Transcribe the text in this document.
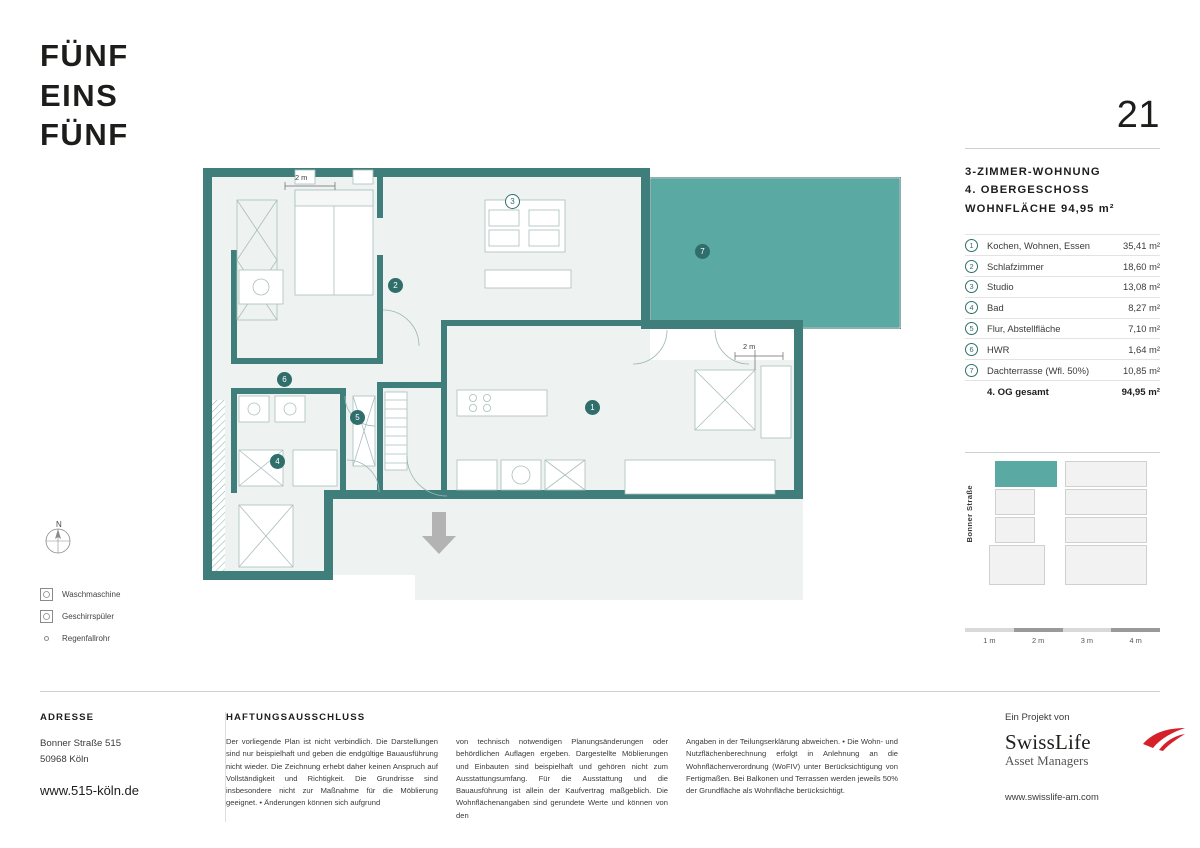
FÜNF
EINS
FÜNF
N
Waschmaschine
Geschirrspüler
Regenfallrohr
2
3
7
6
5
4
1
2 m
2 m
21
3-ZIMMER-WOHNUNG
4. OBERGESCHOSS
WOHNFLÄCHE 94,95 m²
1	Kochen, Wohnen, Essen	35,41 m²
2	Schlafzimmer	18,60 m²
3	Studio	13,08 m²
4	Bad	8,27 m²
5	Flur, Abstellfläche	7,10 m²
6	HWR	1,64 m²
7	Dachterrasse (Wfl. 50%)	10,85 m²
4. OG gesamt	94,95 m²
Bonner Straße
1 m	2 m	3 m	4 m
ADRESSE
Bonner Straße 515
50968 Köln
www.515-köln.de
HAFTUNGSAUSSCHLUSS

Der vorliegende Plan ist nicht verbindlich. Die Darstellungen sind nur beispielhaft und geben die endgültige Bauausführung nicht wieder. Die Zeichnung erhebt daher keinen Anspruch auf Vollständigkeit und Richtigkeit. Die Grundrisse sind insbesondere nicht zur Maßnahme für die Möblierung geeignet. • Änderungen können sich aufgrund

von technisch notwendigen Planungsänderungen oder behördlichen Auflagen ergeben. Dargestellte Möblierungen und Einbauten sind beispielhaft und gehören nicht zum Ausstattungsumfang. Für die Ausstattung und die Bauausführung ist allein der Kaufvertrag maßgeblich. Die Wohnflächenangaben sind gerundete Werte und können von den

Angaben in der Teilungserklärung abweichen. • Die Wohn- und Nutzflächenberechnung erfolgt in Anlehnung an die Wohnflächenverordnung (WoFIV) unter Berücksichtigung von Fertigmaßen. Bei Balkonen und Terrassen werden jeweils 50% der Grundfläche als Wohnfläche berücksichtigt.

Ein Projekt von
SwissLife
Asset Managers
www.swisslife-am.com
